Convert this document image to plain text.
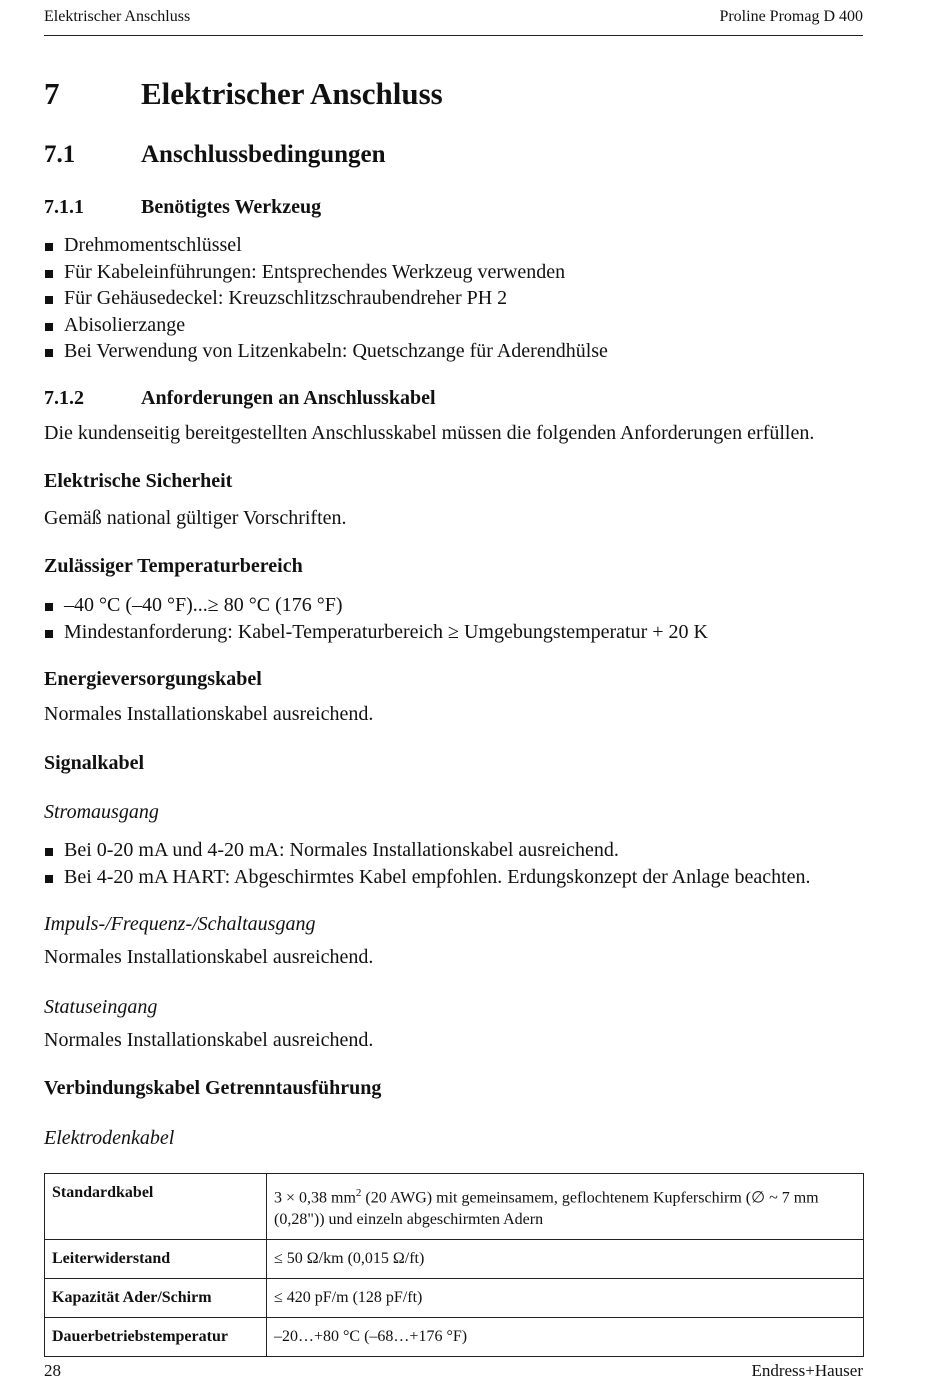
Elektrischer Anschluss	Proline Promag D 400
7	Elektrischer Anschluss
7.1	Anschlussbedingungen
7.1.1	Benötigtes Werkzeug
Drehmomentschlüssel
Für Kabeleinführungen: Entsprechendes Werkzeug verwenden
Für Gehäusedeckel: Kreuzschlitzschraubendreher PH 2
Abisolierzange
Bei Verwendung von Litzenkabeln: Quetschzange für Aderendhülse
7.1.2	Anforderungen an Anschlusskabel
Die kundenseitig bereitgestellten Anschlusskabel müssen die folgenden Anforderungen erfüllen.
Elektrische Sicherheit
Gemäß national gültiger Vorschriften.
Zulässiger Temperaturbereich
–40 °C (–40 °F)...≥ 80 °C (176 °F)
Mindestanforderung: Kabel-Temperaturbereich ≥ Umgebungstemperatur + 20 K
Energieversorgungskabel
Normales Installationskabel ausreichend.
Signalkabel
Stromausgang
Bei 0-20 mA und 4-20 mA: Normales Installationskabel ausreichend.
Bei 4-20 mA HART: Abgeschirmtes Kabel empfohlen. Erdungskonzept der Anlage beachten.
Impuls-/Frequenz-/Schaltausgang
Normales Installationskabel ausreichend.
Statuseingang
Normales Installationskabel ausreichend.
Verbindungskabel Getrenntausführung
Elektrodenkabel
Standardkabel	3 × 0,38 $mm^2$ (20 AWG) mit gemeinsamem, geflochtenem Kupferschirm (∅ ~ 7 mm (0,28")) und einzeln abgeschirmten Adern
Leiterwiderstand	≤ 50 Ω/km (0,015 Ω/ft)
Kapazität Ader/Schirm	≤ 420 pF/m (128 pF/ft)
Dauerbetriebstemperatur	–20…+80 °C (–68…+176 °F)
28	Endress+Hauser
